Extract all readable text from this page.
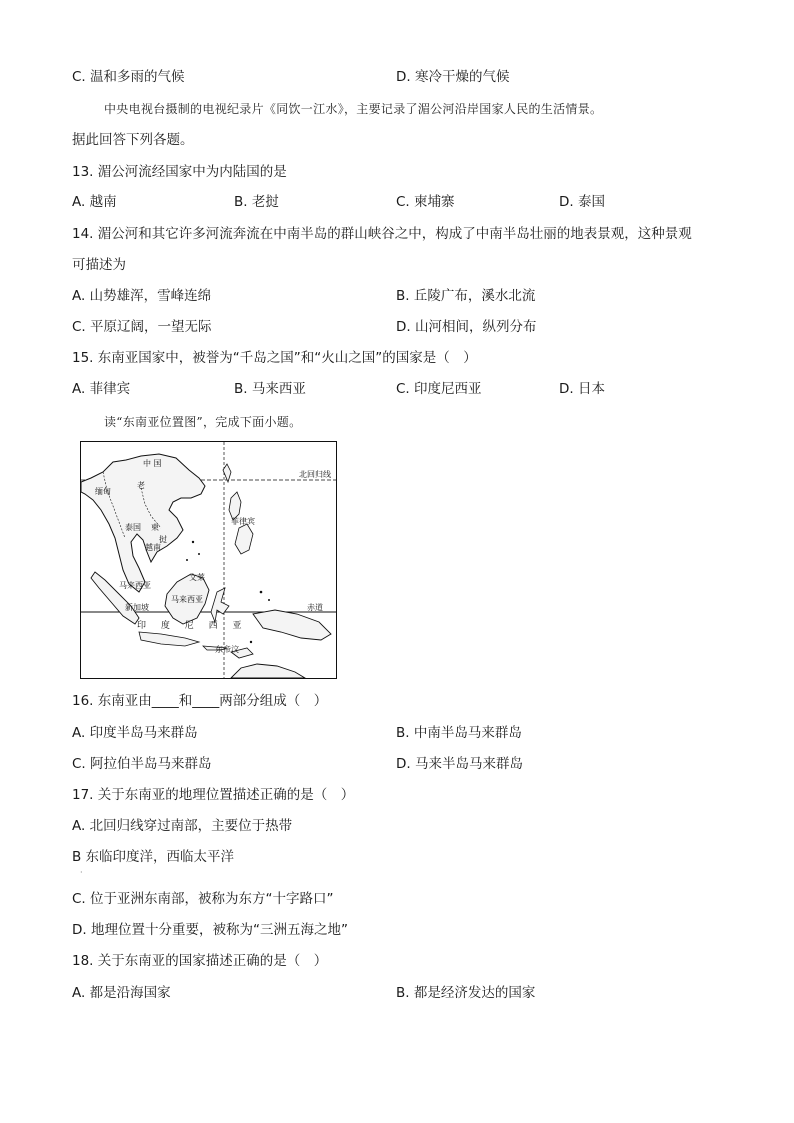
C. 温和多雨的气候	D. 寒冷干燥的气候
中央电视台摄制的电视纪录片《同饮一江水》，主要记录了湄公河沿岸国家人民的生活情景。
据此回答下列各题。
13. 湄公河流经国家中为内陆国的是
A. 越南	B. 老挝	C. 柬埔寨	D. 泰国
14. 湄公河和其它许多河流奔流在中南半岛的群山峡谷之中，构成了中南半岛壮丽的地表景观，这种景观
可描述为
A. 山势雄浑，雪峰连绵	B. 丘陵广布，溪水北流
C. 平原辽阔，一望无际	D. 山河相间，纵列分布
15. 东南亚国家中，被誉为“千岛之国”和“火山之国”的国家是（　）
A. 菲律宾	B. 马来西亚	C. 印度尼西亚	D. 日本
读“东南亚位置图”，完成下面小题。
中 国
北回归线
缅甸
老
菲律宾
泰国 柬
挝
越南
马来西亚
文莱
马来西亚
新加坡	赤道
印 度 尼 西 亚
东帝汶
16. 东南亚由____和____两部分组成（　）
A. 印度半岛马来群岛	B. 中南半岛马来群岛
C. 阿拉伯半岛马来群岛	D. 马来半岛马来群岛
17. 关于东南亚的地理位置描述正确的是（　）
A. 北回归线穿过南部，主要位于热带
B 东临印度洋，西临太平洋
·
C. 位于亚洲东南部，被称为东方“十字路口”
D. 地理位置十分重要，被称为“三洲五海之地”
18. 关于东南亚的国家描述正确的是（　）
A. 都是沿海国家	B. 都是经济发达的国家
